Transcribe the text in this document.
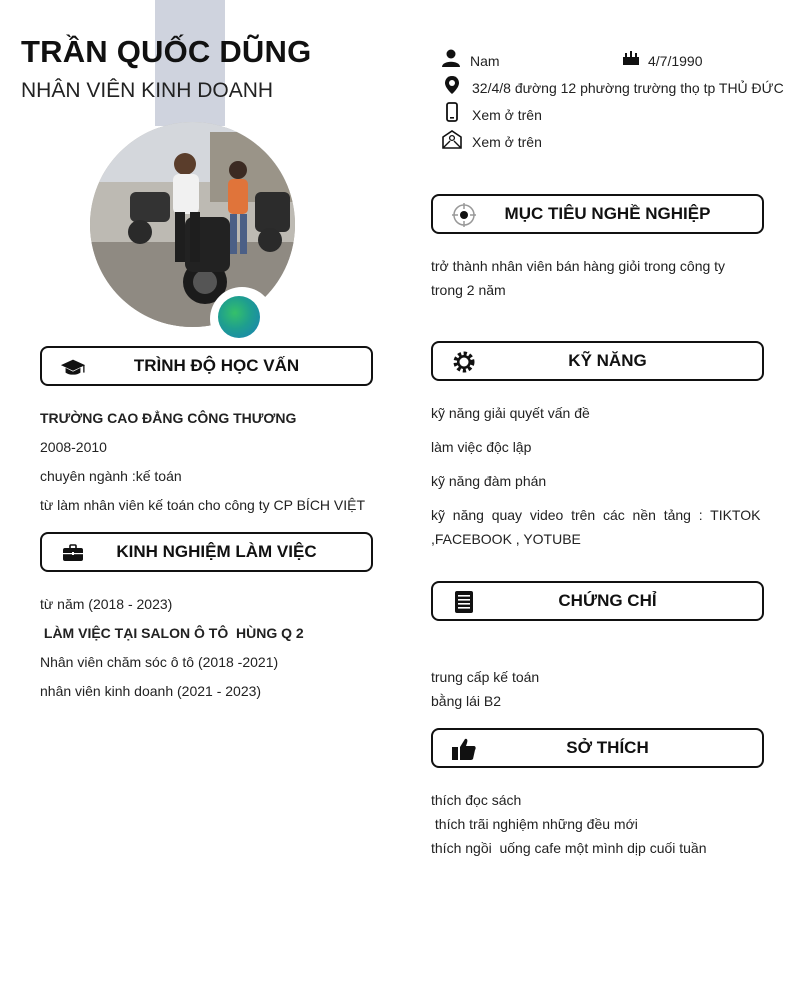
TRẦN QUỐC DŨNG
NHÂN VIÊN KINH DOANH
Nam	4/7/1990
32/4/8 đường 12 phường trường thọ tp THỦ ĐỨC
Xem ở trên
Xem ở trên
TRÌNH ĐỘ HỌC VẤN
TRƯỜNG CAO ĐẲNG CÔNG THƯƠNG
2008-2010
chuyên ngành :kế toán
từ làm nhân viên kế toán cho công ty CP BÍCH VIỆT
KINH NGHIỆM LÀM VIỆC
từ năm (2018 - 2023)
LÀM VIỆC TẠI SALON Ô TÔ  HÙNG Q 2
Nhân viên chăm sóc ô tô (2018 -2021)
nhân viên kinh doanh (2021 - 2023)
MỤC TIÊU NGHỀ NGHIỆP
trở thành nhân viên bán hàng giỏi trong công ty
trong 2 năm
KỸ NĂNG
kỹ năng giải quyết vấn đề
làm việc độc lập
kỹ năng đàm phán
kỹ  năng  quay  video  trên  các  nền  tảng  :  TIKTOK
,FACEBOOK , YOTUBE
CHỨNG CHỈ
trung cấp kế toán
bằng lái B2
SỞ THÍCH
thích đọc sách
thích trãi nghiệm những đều mới
thích ngồi  uống cafe một mình dịp cuối tuần
